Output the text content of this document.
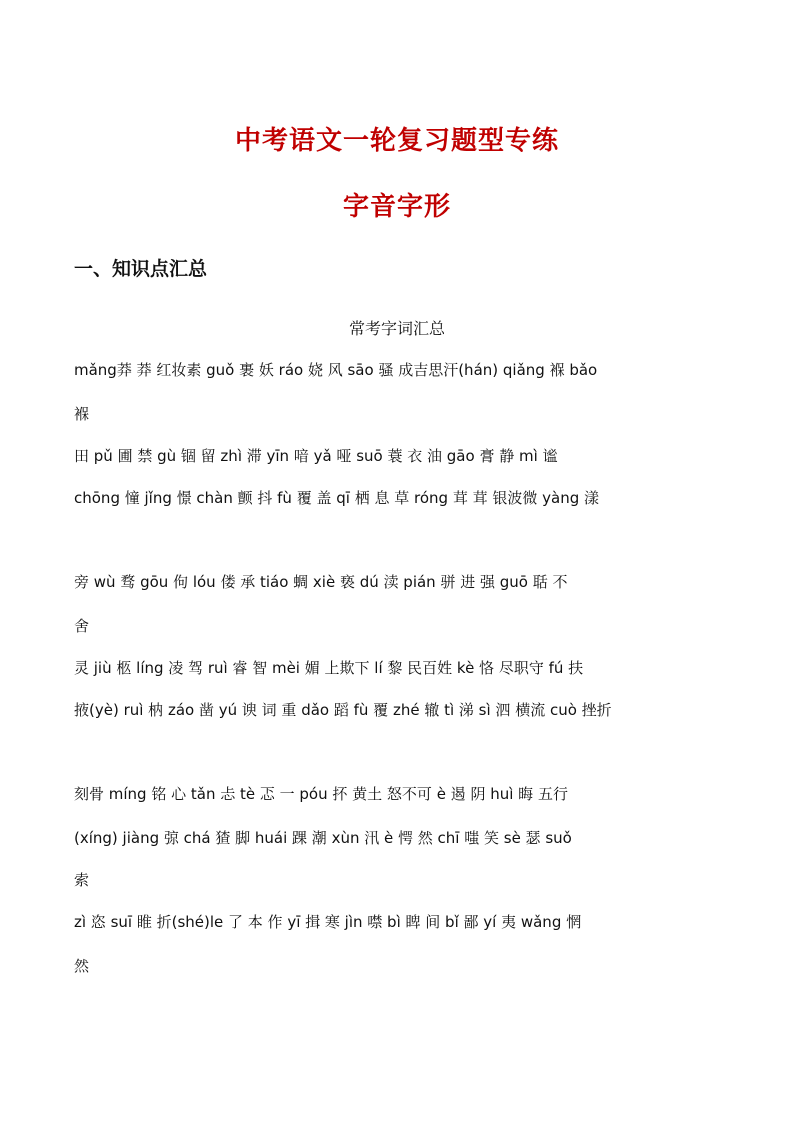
中考语文一轮复习题型专练
字音字形
一、知识点汇总
常考字词汇总
mǎng莽 莽 红妆素 guǒ 裹 妖 ráo 娆 风 sāo 骚 成吉思汗(hán) qiǎng 褓 bǎo
褓
田 pǔ 圃 禁 gù 锢 留 zhì 滞 yīn 喑 yǎ 哑 suō 蓑 衣 油 gāo 膏 静 mì 谧
chōng 憧 jǐng 憬 chàn 颤 抖 fù 覆 盖 qī 栖 息 草 róng 茸 茸 银波微 yàng 漾
旁 wù 骛 gōu 佝 lóu 偻 承 tiáo 蜩 xiè 亵 dú 渎 pián 骈 进 强 guō 聒 不
舍
灵 jiù 柩 líng 凌 驾 ruì 睿 智 mèi 媚 上欺下 lí 黎 民百姓 kè 恪 尽职守 fú 扶
掖(yè) ruì 枘 záo 凿 yú 谀 词 重 dǎo 蹈 fù 覆 zhé 辙 tì 涕 sì 泗 横流 cuò 挫折
刻骨 míng 铭 心 tǎn 忐 tè 忑 一 póu 抔 黄土 怒不可 è 遏 阴 huì 晦 五行
(xíng) jiàng 弶 chá 猹 脚 huái 踝 潮 xùn 汛 è 愕 然 chī 嗤 笑 sè 瑟 suǒ
索
zì 恣 suī 睢 折(shé)le 了 本 作 yī 揖 寒 jìn 噤 bì 睥 间 bǐ 鄙 yí 夷 wǎng 惘
然
